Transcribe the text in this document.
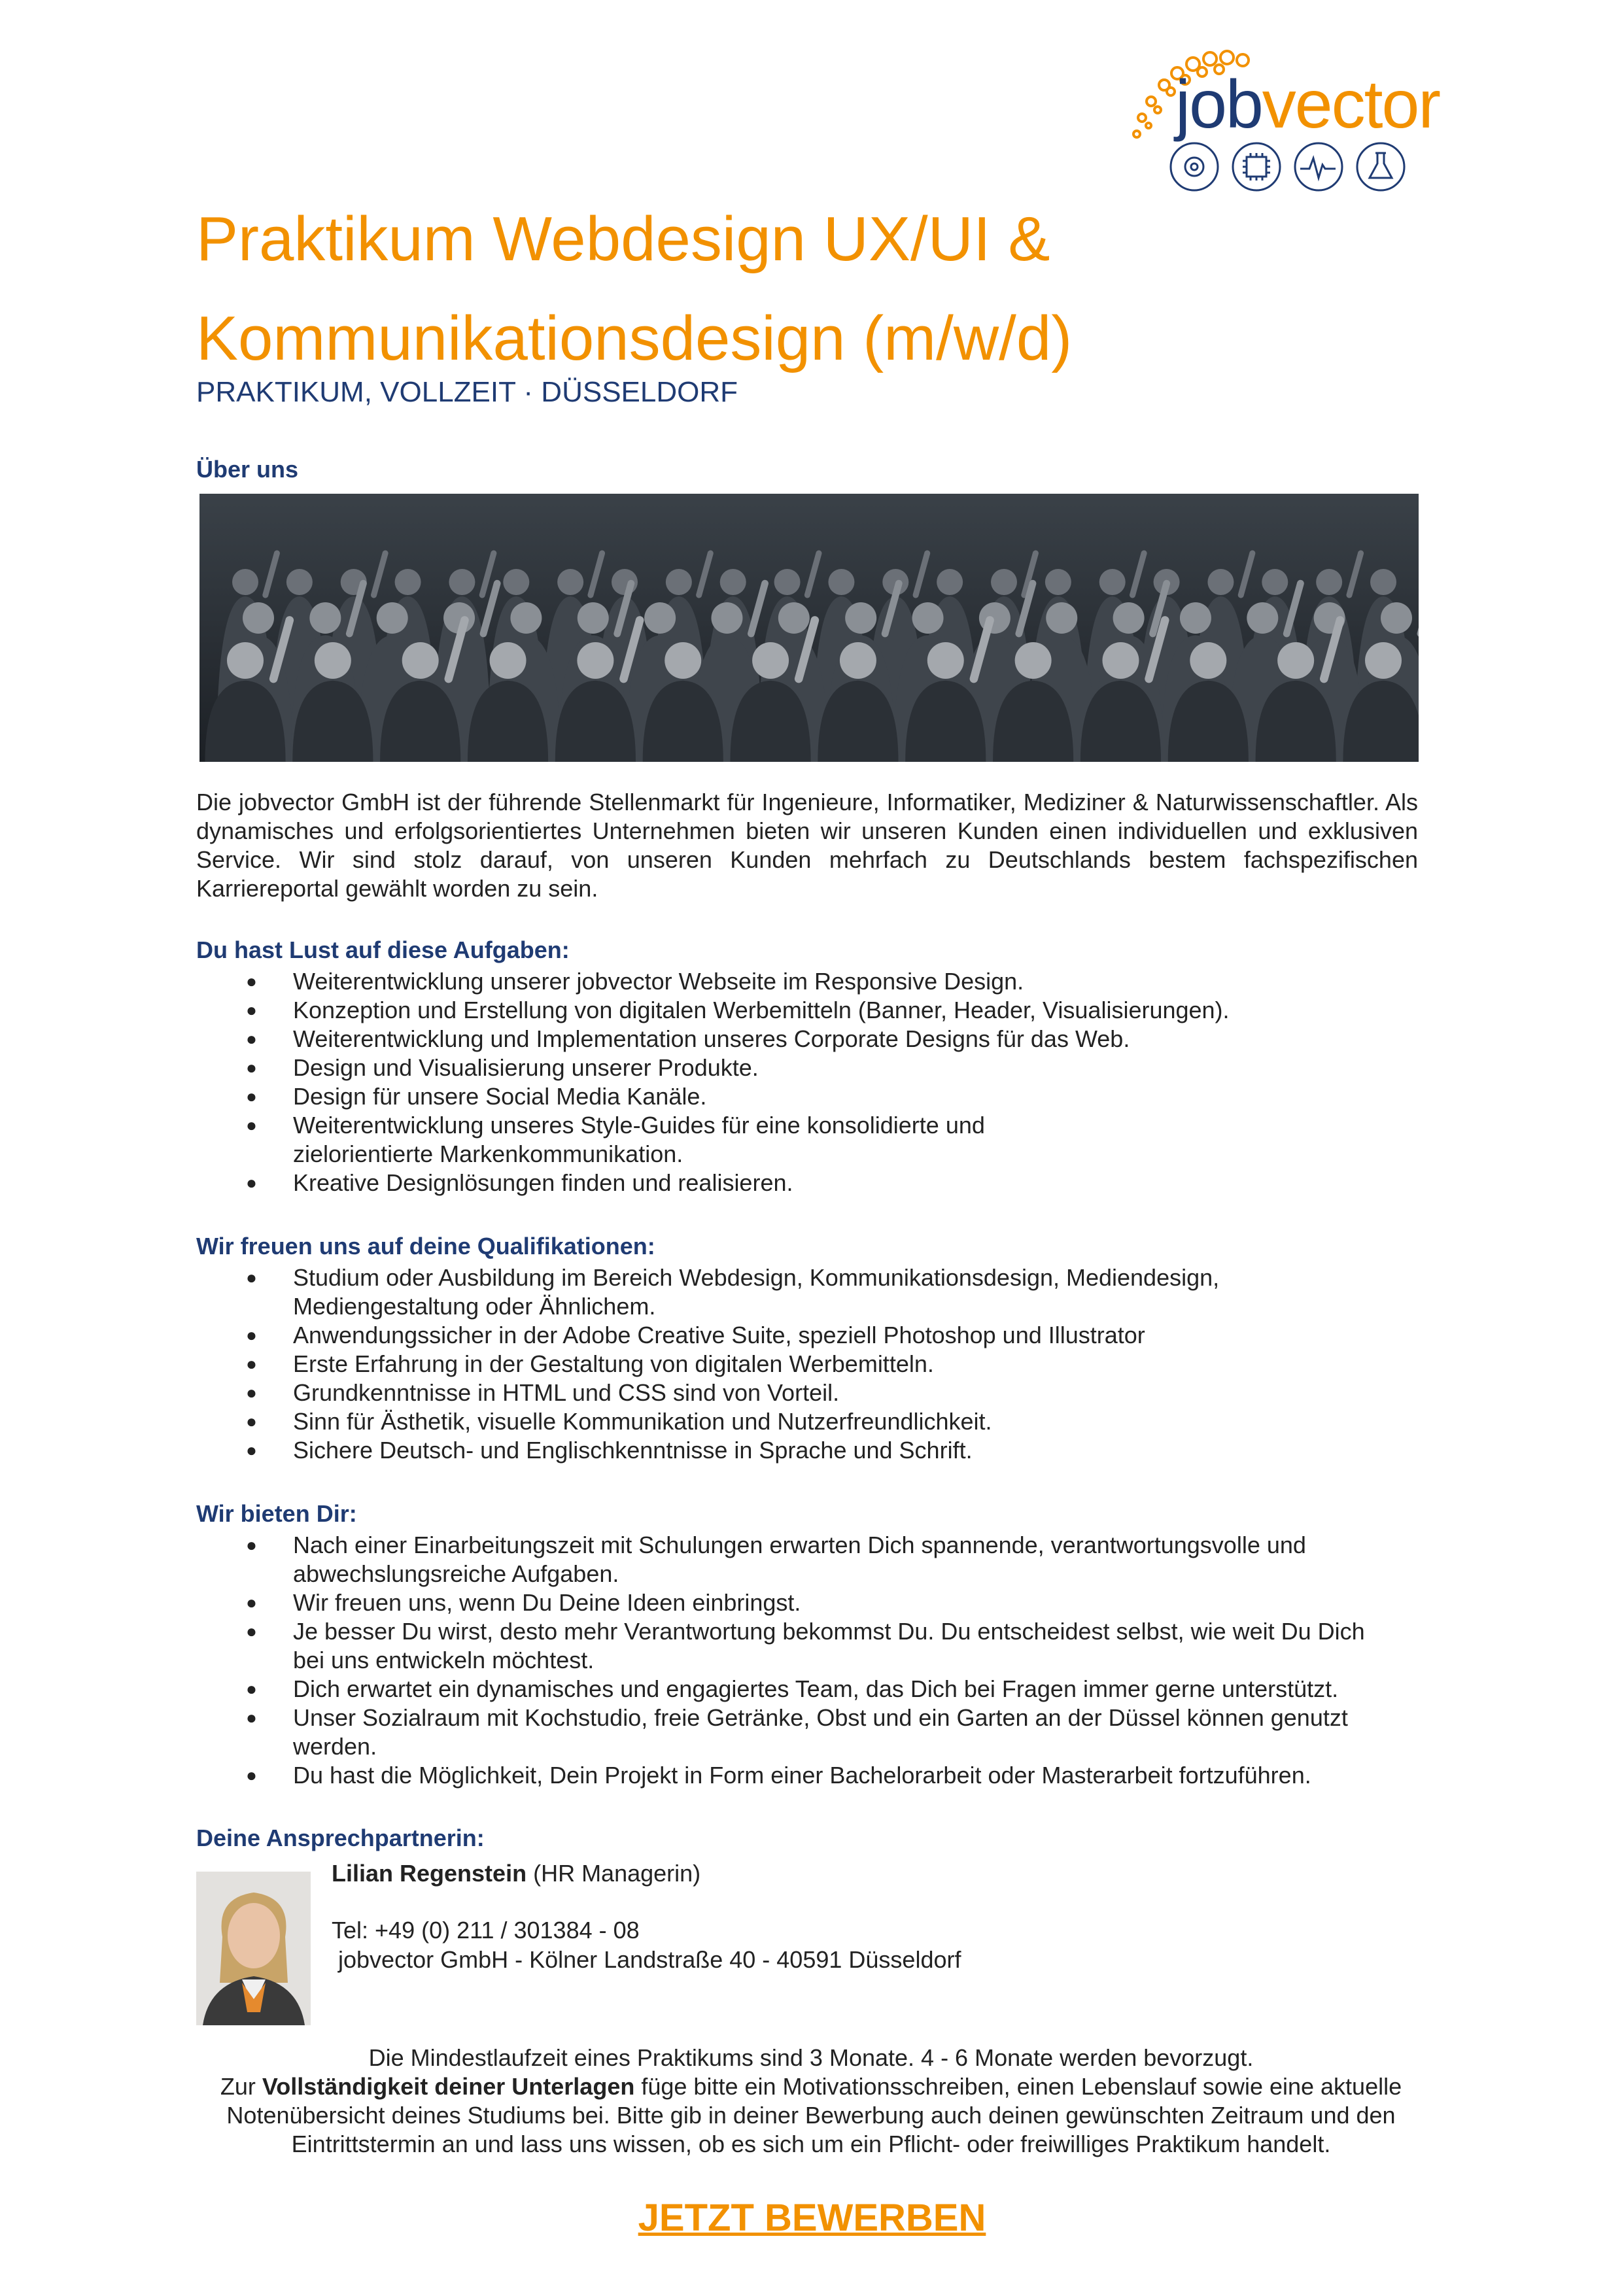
jobvector
Praktikum Webdesign UX/UI & Kommunikationsdesign (m/w/d)
PRAKTIKUM, VOLLZEIT · DÜSSELDORF
Über uns

Die jobvector GmbH ist der führende Stellenmarkt für Ingenieure, Informatiker, Mediziner & Naturwissenschaftler. Als dynamisches und erfolgsorientiertes Unternehmen bieten wir unseren Kunden einen individuellen und exklusiven Service. Wir sind stolz darauf, von unseren Kunden mehrfach zu Deutschlands bestem fachspezifischen Karriereportal gewählt worden zu sein.

Du hast Lust auf diese Aufgaben:
● Weiterentwicklung unserer jobvector Webseite im Responsive Design.
● Konzeption und Erstellung von digitalen Werbemitteln (Banner, Header, Visualisierungen).
● Weiterentwicklung und Implementation unseres Corporate Designs für das Web.
● Design und Visualisierung unserer Produkte.
● Design für unsere Social Media Kanäle.
● Weiterentwicklung unseres Style-Guides für eine konsolidierte und zielorientierte Markenkommunikation.
● Kreative Designlösungen finden und realisieren.
Wir freuen uns auf deine Qualifikationen:
● Studium oder Ausbildung im Bereich Webdesign, Kommunikationsdesign, Mediendesign, Mediengestaltung oder Ähnlichem.
● Anwendungssicher in der Adobe Creative Suite, speziell Photoshop und Illustrator
● Erste Erfahrung in der Gestaltung von digitalen Werbemitteln.
● Grundkenntnisse in HTML und CSS sind von Vorteil.
● Sinn für Ästhetik, visuelle Kommunikation und Nutzerfreundlichkeit.
● Sichere Deutsch- und Englischkenntnisse in Sprache und Schrift.
Wir bieten Dir:
● Nach einer Einarbeitungszeit mit Schulungen erwarten Dich spannende, verantwortungsvolle und abwechslungsreiche Aufgaben.
● Wir freuen uns, wenn Du Deine Ideen einbringst.
● Je besser Du wirst, desto mehr Verantwortung bekommst Du. Du entscheidest selbst, wie weit Du Dich bei uns entwickeln möchtest.
● Dich erwartet ein dynamisches und engagiertes Team, das Dich bei Fragen immer gerne unterstützt.
● Unser Sozialraum mit Kochstudio, freie Getränke, Obst und ein Garten an der Düssel können genutzt werden.
● Du hast die Möglichkeit, Dein Projekt in Form einer Bachelorarbeit oder Masterarbeit fortzuführen.
Deine Ansprechpartnerin:
Lilian Regenstein (HR Managerin)
Tel: +49 (0) 211 / 301384 - 08
jobvector GmbH - Kölner Landstraße 40 - 40591 Düsseldorf
Die Mindestlaufzeit eines Praktikums sind 3 Monate. 4 - 6 Monate werden bevorzugt.
Zur Vollständigkeit deiner Unterlagen füge bitte ein Motivationsschreiben, einen Lebenslauf sowie eine aktuelle Notenübersicht deines Studiums bei. Bitte gib in deiner Bewerbung auch deinen gewünschten Zeitraum und den Eintrittstermin an und lass uns wissen, ob es sich um ein Pflicht- oder freiwilliges Praktikum handelt.
JETZT BEWERBEN
